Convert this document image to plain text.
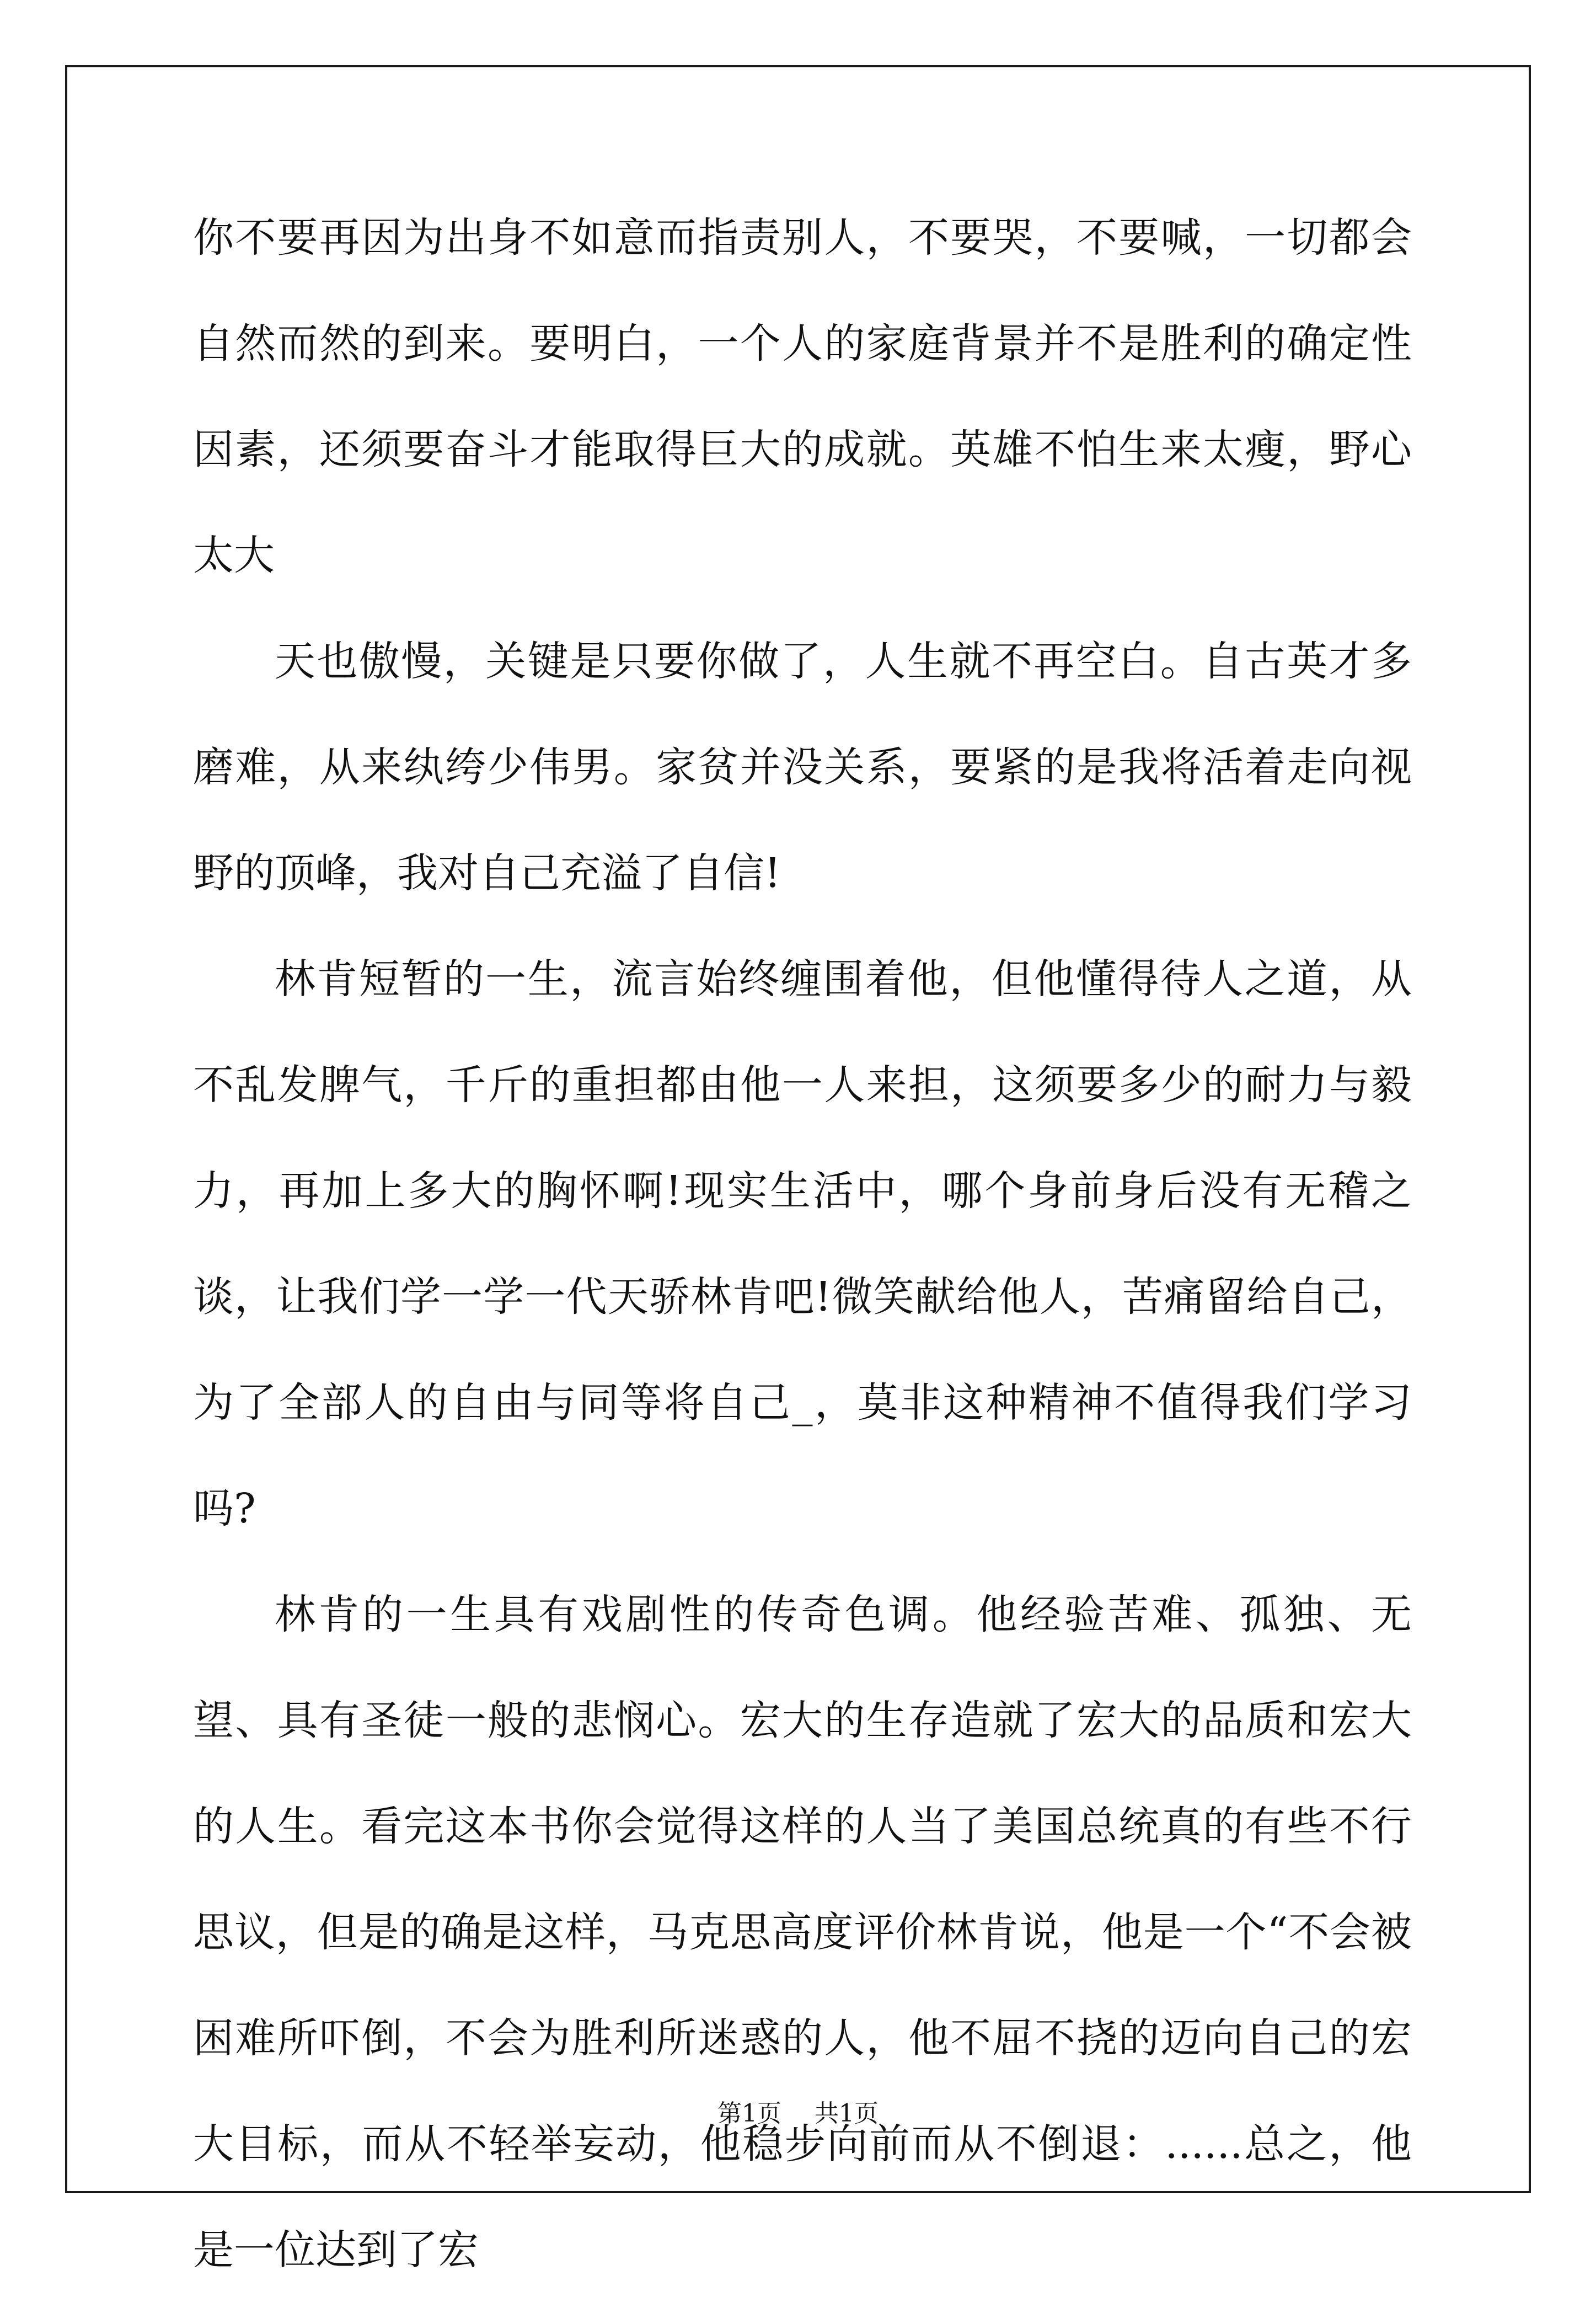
你不要再因为出身不如意而指责别人，不要哭，不要喊，一切都会自然而然的到来。要明白，一个人的家庭背景并不是胜利的确定性因素，还须要奋斗才能取得巨大的成就。英雄不怕生来太瘦，野心太大

天也傲慢，关键是只要你做了，人生就不再空白。自古英才多磨难，从来纨绔少伟男。家贫并没关系，要紧的是我将活着走向视野的顶峰，我对自己充溢了自信!

林肯短暂的一生，流言始终缠围着他，但他懂得待人之道，从不乱发脾气，千斤的重担都由他一人来担，这须要多少的耐力与毅力，再加上多大的胸怀啊!现实生活中，哪个身前身后没有无稽之谈，让我们学一学一代天骄林肯吧!微笑献给他人，苦痛留给自己，为了全部人的自由与同等将自己_，莫非这种精神不值得我们学习吗?

林肯的一生具有戏剧性的传奇色调。他经验苦难、孤独、无望、具有圣徒一般的悲悯心。宏大的生存造就了宏大的品质和宏大的人生。看完这本书你会觉得这样的人当了美国总统真的有些不行思议，但是的确是这样，马克思高度评价林肯说，他是一个“不会被困难所吓倒，不会为胜利所迷惑的人，他不屈不挠的迈向自己的宏大目标，而从不轻举妄动，他稳步向前而从不倒退：......总之，他是一位达到了宏

第1页 共1页
